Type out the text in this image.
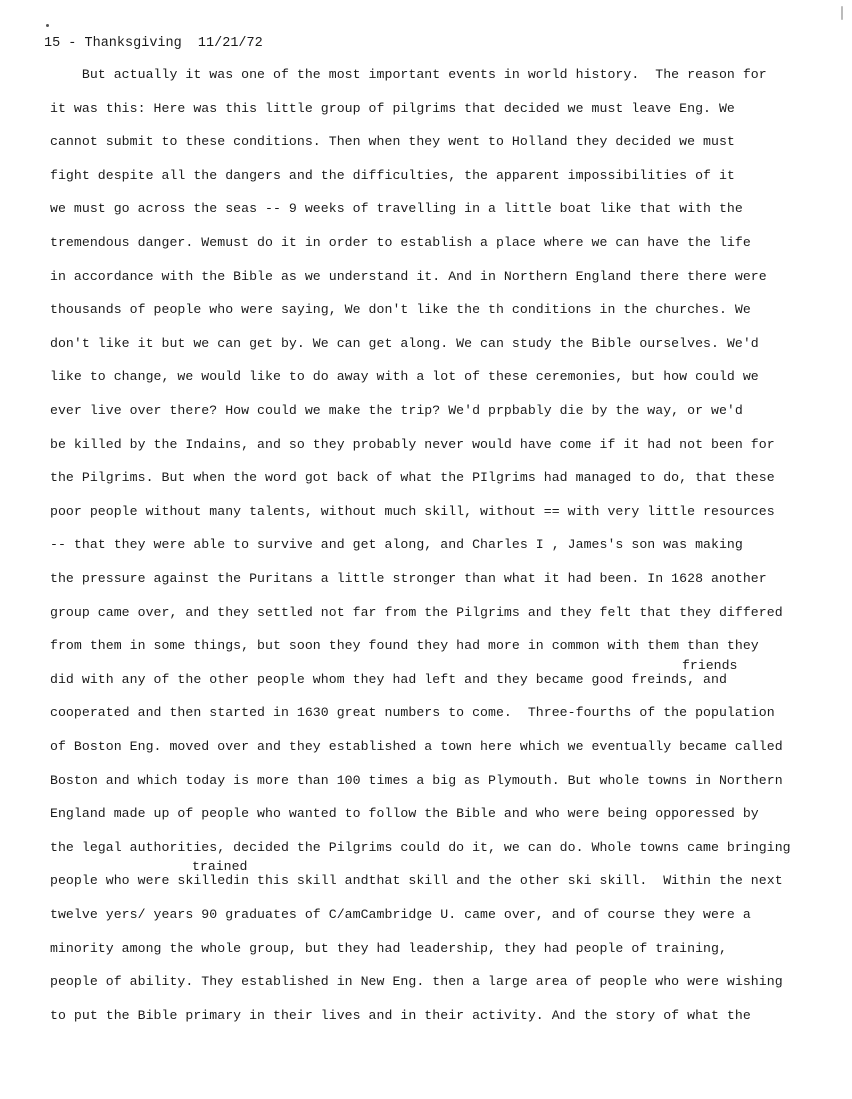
15 - Thanksgiving  11/21/72
friends
trained
But actually it was one of the most important events in world history.  The reason for
it was this: Here was this little group of pilgrims that decided we must leave Eng. We
cannot submit to these conditions. Then when they went to Holland they decided we must
fight despite all the dangers and the difficulties, the apparent impossibilities of it
we must go across the seas -- 9 weeks of travelling in a little boat like that with the
tremendous danger. Wemust do it in order to establish a place where we can have the life
in accordance with the Bible as we understand it. And in Northern England there there were
thousands of people who were saying, We don't like the th conditions in the churches. We
don't like it but we can get by. We can get along. We can study the Bible ourselves. We'd
like to change, we would like to do away with a lot of these ceremonies, but how could we
ever live over there? How could we make the trip? We'd prpbably die by the way, or we'd
be killed by the Indains, and so they probably never would have come if it had not been for
the Pilgrims. But when the word got back of what the PIlgrims had managed to do, that these
poor people without many talents, without much skill, without == with very little resources
-- that they were able to survive and get along, and Charles I , James's son was making
the pressure against the Puritans a little stronger than what it had been. In 1628 another
group came over, and they settled not far from the Pilgrims and they felt that they differed
from them in some things, but soon they found they had more in common with them than they
did with any of the other people whom they had left and they became good freinds, and
cooperated and then started in 1630 great numbers to come.  Three-fourths of the population
of Boston Eng. moved over and they established a town here which we eventually became called
Boston and which today is more than 100 times a big as Plymouth. But whole towns in Northern
England made up of people who wanted to follow the Bible and who were being opporessed by
the legal authorities, decided the Pilgrims could do it, we can do. Whole towns came bringing
people who were skilledin this skill andthat skill and the other ski skill.  Within the next
twelve yers/ years 90 graduates of C/amCambridge U. came over, and of course they were a
minority among the whole group, but they had leadership, they had people of training,
people of ability. They established in New Eng. then a large area of people who were wishing
to put the Bible primary in their lives and in their activity. And the story of what the
